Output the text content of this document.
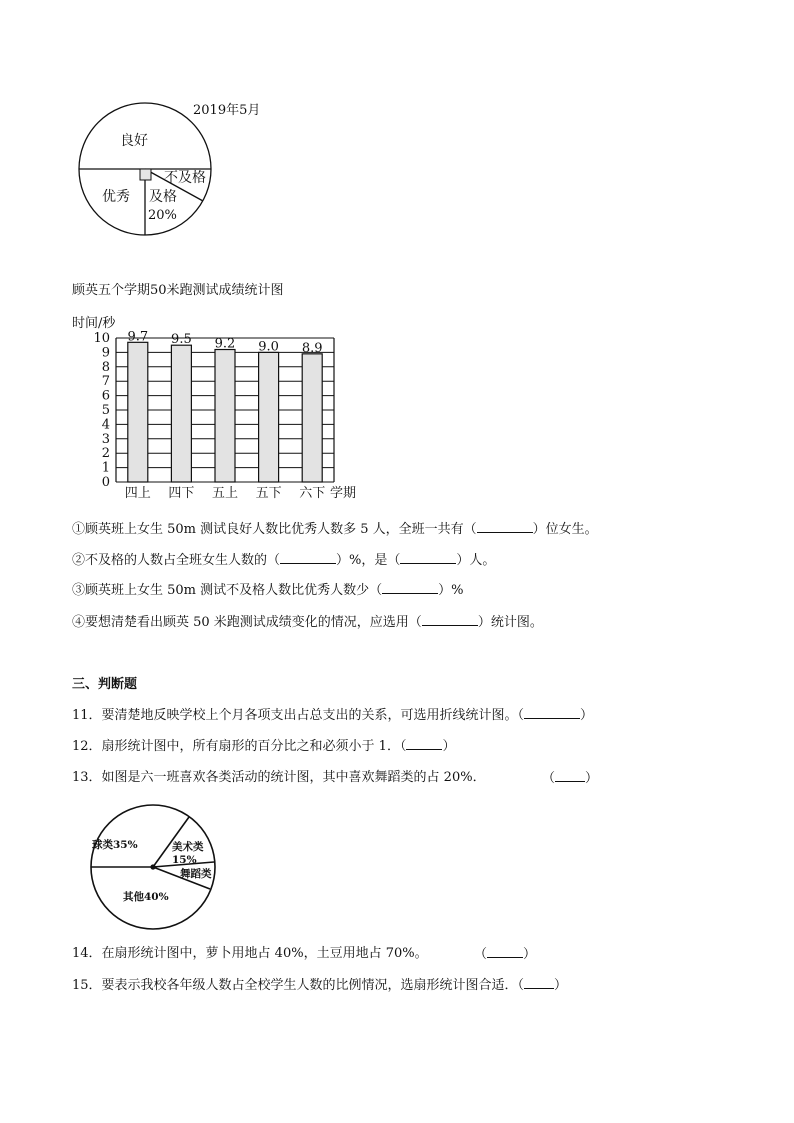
2019年5月
良好
优秀
不及格
及格
20%
顾英五个学期50米跑测试成绩统计图
时间/秒
学期
0
1
2
3
4
5
6
7
8
9
10 9.7
四上
9.5
四下
9.2
五上
9.0
五下
8.9
六下
①顾英班上女生 50m 测试良好人数比优秀人数多 5 人，全班一共有（	）位女生。
②不及格的人数占全班女生人数的（	）%，是（	）人。
③顾英班上女生 50m 测试不及格人数比优秀人数少（	）%
④要想清楚看出顾英 50 米跑测试成绩变化的情况，应选用（	）统计图。
三、判断题
11．要清楚地反映学校上个月各项支出占总支出的关系，可选用折线统计图。（	）
12．扇形统计图中，所有扇形的百分比之和必须小于 1．（	）
13．如图是六一班喜欢各类活动的统计图，其中喜欢舞蹈类的占 20%．	（ ）
球类35%	美术类
15%
舞蹈类
其他40%
14．在扇形统计图中，萝卜用地占 40%，土豆用地占 70%。	（	）
15．要表示我校各年级人数占全校学生人数的比例情况，选扇形统计图合适．（ ）
